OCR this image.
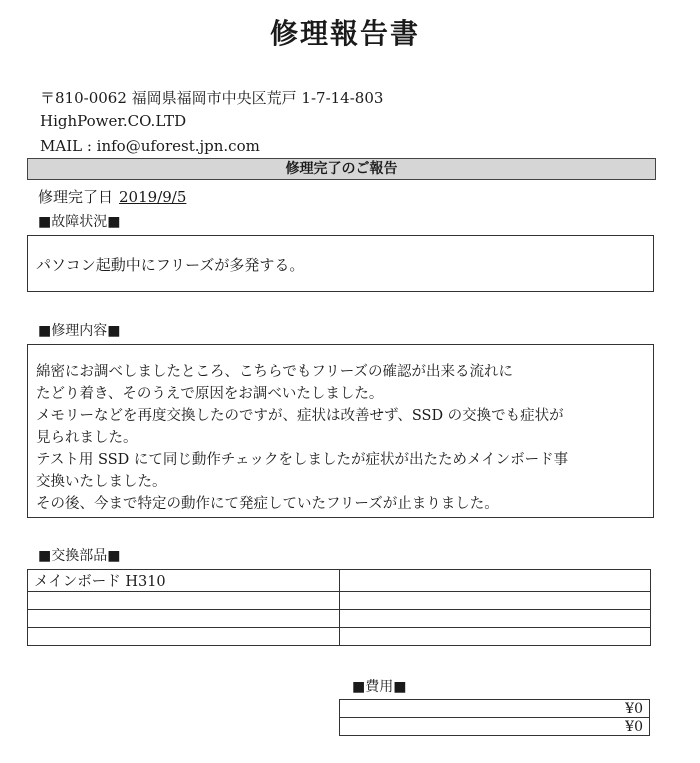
修理報告書
〒810-0062 福岡県福岡市中央区荒戸 1-7-14-803
HighPower.CO.LTD
MAIL : info@uforest.jpn.com
修理完了のご報告
修理完了日 2019/9/5
■故障状況■
パソコン起動中にフリーズが多発する。
■修理内容■
綿密にお調べしましたところ、こちらでもフリーズの確認が出来る流れに
たどり着き、そのうえで原因をお調べいたしました。
メモリーなどを再度交換したのですが、症状は改善せず、SSD の交換でも症状が
見られました。
テスト用 SSD にて同じ動作チェックをしましたが症状が出たためメインボード事
交換いたしました。
その後、今まで特定の動作にて発症していたフリーズが止まりました。
■交換部品■
メインボード H310	

■費用■
¥0
¥0
